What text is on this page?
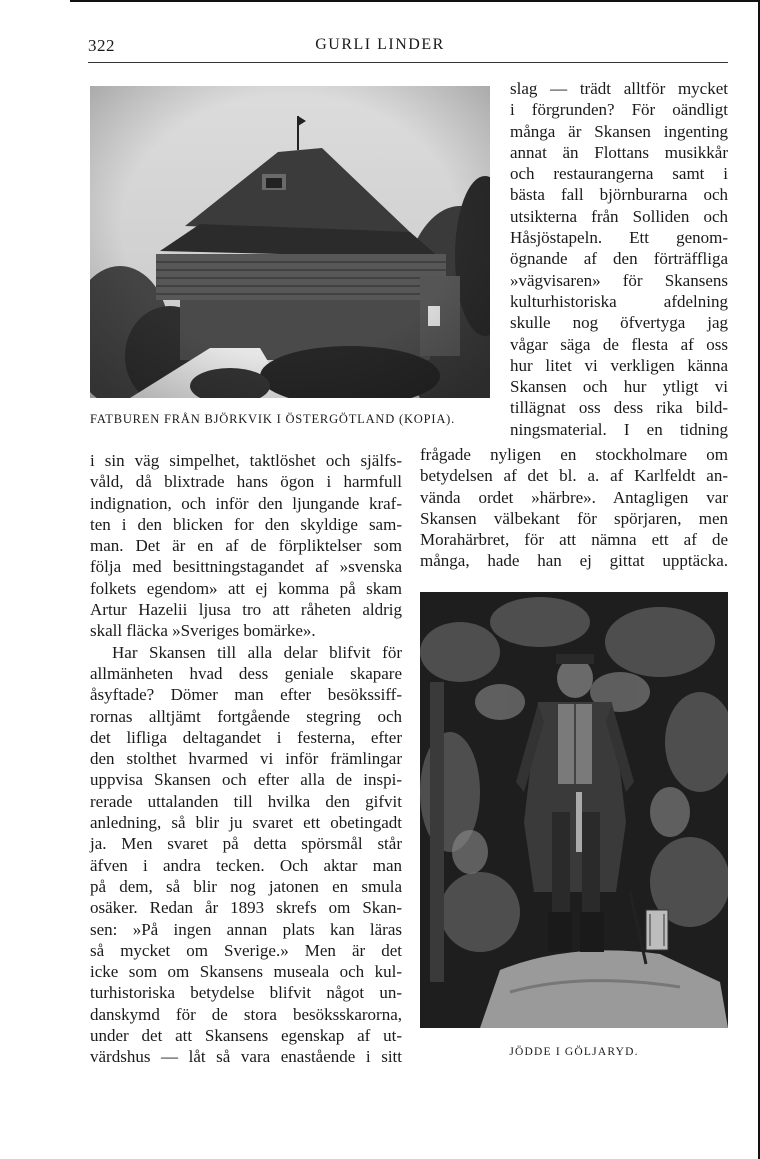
322	GURLI LINDER
FATBUREN FRÅN BJÖRKVIK I ÖSTERGÖTLAND (KOPIA).
slag — trädt alltför mycket
i förgrunden? För oändligt
många är Skansen ingenting
annat än Flottans musikkår
och restaurangerna samt i
bästa fall björnburarna och
utsikterna från Solliden och
Håsjöstapeln. Ett genom-
ögnande af den förträffliga
»vägvisaren» för Skansens
kulturhistoriska afdelning
skulle nog öfvertyga jag
vågar säga de flesta af oss
hur litet vi verkligen känna
Skansen och hur ytligt vi
tillägnat oss dess rika bild-
ningsmaterial. I en tidning
frågade nyligen en stockholmare om
betydelsen af det bl. a. af Karlfeldt an-
vända ordet »härbre». Antagligen var
Skansen välbekant för spörjaren, men
Morahärbret, för att nämna ett af de
många, hade han ej gittat upptäcka.
i sin väg simpelhet, taktlöshet och själfs-
våld, då blixtrade hans ögon i harmfull
indignation, och inför den ljungande kraf-
ten i den blicken for den skyldige sam-
man. Det är en af de förpliktelser som
följa med besittningstagandet af »svenska
folkets egendom» att ej komma på skam
Artur Hazelii ljusa tro att råheten aldrig
skall fläcka »Sveriges bomärke».
Har Skansen till alla delar blifvit för
allmänheten hvad dess geniale skapare
åsyftade? Dömer man efter besökssiff-
rornas alltjämt fortgående stegring och
det lifliga deltagandet i festerna, efter
den stolthet hvarmed vi inför främlingar
uppvisa Skansen och efter alla de inspi-
rerade uttalanden till hvilka den gifvit
anledning, så blir ju svaret ett obetingadt
ja. Men svaret på detta spörsmål står
äfven i andra tecken. Och aktar man
på dem, så blir nog jatonen en smula
osäker. Redan år 1893 skrefs om Skan-
sen: »På ingen annan plats kan läras
så mycket om Sverige.» Men är det
icke som om Skansens museala och kul-
turhistoriska betydelse blifvit något un-
danskymd för de stora besöksskarorna,
under det att Skansens egenskap af ut-
värdshus — låt så vara enastående i sitt	JÖDDE I GÖLJARYD.
